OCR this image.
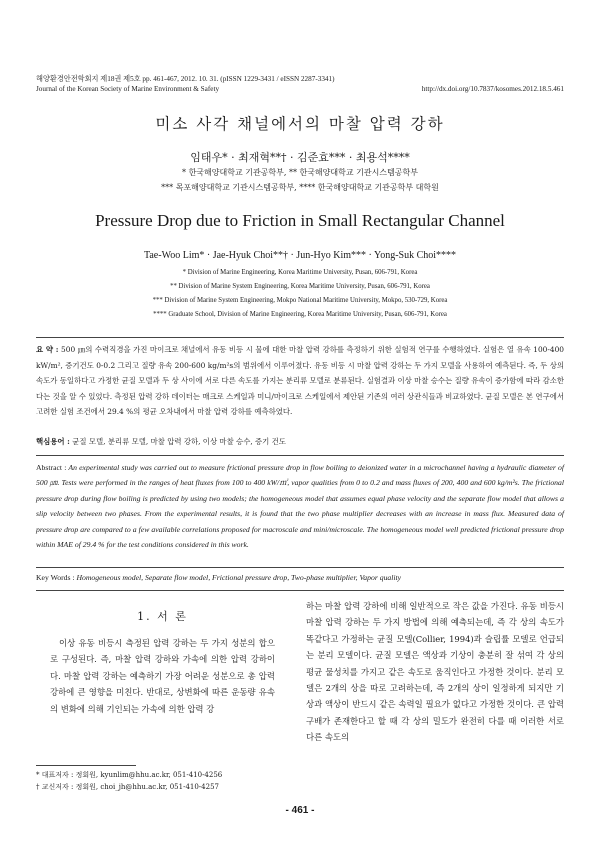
해양환경안전학회지 제18권 제5호 pp. 461-467, 2012. 10. 31. (pISSN 1229-3431 / eISSN 2287-3341)
Journal of the Korean Society of Marine Environment & Safety	http://dx.doi.org/10.7837/kosomes.2012.18.5.461
미소 사각 채널에서의 마찰 압력 강하
임태우* · 최재혁**† · 김준효*** · 최용석****
* 한국해양대학교 기관공학부, ** 한국해양대학교 기관시스템공학부
*** 목포해양대학교 기관시스템공학부, **** 한국해양대학교 기관공학부 대학원
Pressure Drop due to Friction in Small Rectangular Channel
Tae-Woo Lim* · Jae-Hyuk Choi**† · Jun-Hyo Kim*** · Yong-Suk Choi****
* Division of Marine Engineering, Korea Maritime University, Pusan, 606-791, Korea
** Division of Marine System Engineering, Korea Maritime University, Pusan, 606-791, Korea
*** Division of Marine System Engineering, Mokpo National Maritime University, Mokpo, 530-729, Korea
**** Graduate School, Division of Marine Engineering, Korea Maritime University, Pusan, 606-791, Korea
요 약 : 500 ㎛의 수력직경을 가진 마이크로 채널에서 유동 비등 시 물에 대한 마찰 압력 강하를 측정하기 위한 실험적 연구를 수행하였다. 실험은 열 유속 100-400 kW/m², 증기건도 0-0.2 그리고 질량 유속 200-600 kg/m²s의 범위에서 이루어졌다. 유동 비등 시 마찰 압력 강하는 두 가지 모델을 사용하여 예측된다. 즉, 두 상의 속도가 동일하다고 가정한 균질 모델과 두 상 사이에 서로 다른 속도를 가지는 분리류 모델로 분류된다. 실험결과 이상 마찰 승수는 질량 유속이 증가함에 따라 감소한다는 것을 알 수 있었다. 측정된 압력 강하 데이터는 매크로 스케일과 미니/마이크로 스케일에서 제안된 기존의 여러 상관식들과 비교하였다. 균질 모델은 본 연구에서 고려한 실험 조건에서 29.4 %의 평균 오차내에서 마찰 압력 강하를 예측하였다.
핵심용어 : 균질 모델, 분리류 모델, 마찰 압력 강하, 이상 마찰 승수, 증기 건도
Abstract : An experimental study was carried out to measure frictional pressure drop in flow boiling to deionized water in a microchannel having a hydraulic diameter of 500 ㎛. Tests were performed in the ranges of heat fluxes from 100 to 400 kW/㎡, vapor qualities from 0 to 0.2 and mass fluxes of 200, 400 and 600 kg/m²s. The frictional pressure drop during flow boiling is predicted by using two models; the homogeneous model that assumes equal phase velocity and the separate flow model that allows a slip velocity between two phases. From the experimental results, it is found that the two phase multiplier decreases with an increase in mass flux. Measured data of pressure drop are compared to a few available correlations proposed for macroscale and mini/microscale. The homogeneous model well predicted frictional pressure drop within MAE of 29.4 % for the test conditions considered in this work.
Key Words : Homogeneous model, Separate flow model, Frictional pressure drop, Two-phase multiplier, Vapor quality
1. 서 론
이상 유동 비등시 측정된 압력 강하는 두 가지 성분의 합으로 구성된다. 즉, 마찰 압력 강하와 가속에 의한 압력 강하이다. 마찰 압력 강하는 예측하기 가장 어려운 성분으로 총 압력 강하에 큰 영향을 미친다. 반대로, 상변화에 따른 운동량 유속의 변화에 의해 기인되는 가속에 의한 압력 강
하는 마찰 압력 강하에 비해 일반적으로 작은 값을 가진다. 유동 비등시 마찰 압력 강하는 두 가지 방법에 의해 예측되는데, 즉 각 상의 속도가 똑같다고 가정하는 균질 모델(Collier, 1994)과 슬립률 모델로 언급되는 분리 모델이다. 균질 모델은 액상과 기상이 충분히 잘 섞여 각 상의 평균 물성치를 가지고 같은 속도로 움직인다고 가정한 것이다. 분리 모델은 2개의 상을 따로 고려하는데, 즉 2개의 상이 일정하게 되지만 기상과 액상이 반드시 같은 속력일 필요가 없다고 가정한 것이다. 큰 압력 구배가 존재한다고 할 때 각 상의 밀도가 완전히 다를 때 이러한 서로 다른 속도의
* 대표저자 : 정회원, kyunlim@hhu.ac.kr, 051-410-4256
† 교신저자 : 정회원, choi_jh@hhu.ac.kr, 051-410-4257
- 461 -
